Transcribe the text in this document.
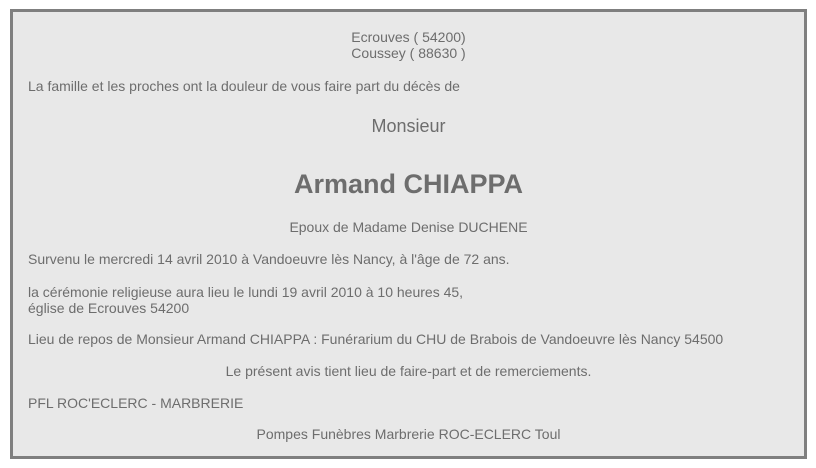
Ecrouves ( 54200)
Coussey ( 88630 )
La famille et les proches ont la douleur de vous faire part du décès de
Monsieur
Armand CHIAPPA
Epoux de Madame Denise DUCHENE
Survenu le mercredi 14 avril 2010 à Vandoeuvre lès Nancy, à l'âge de 72 ans.
la cérémonie religieuse aura lieu le lundi 19 avril 2010 à 10 heures 45,
église de Ecrouves 54200
Lieu de repos de Monsieur Armand CHIAPPA : Funérarium du CHU de Brabois de Vandoeuvre lès Nancy 54500
Le présent avis tient lieu de faire-part et de remerciements.
PFL ROC'ECLERC - MARBRERIE
Pompes Funèbres Marbrerie ROC-ECLERC Toul
